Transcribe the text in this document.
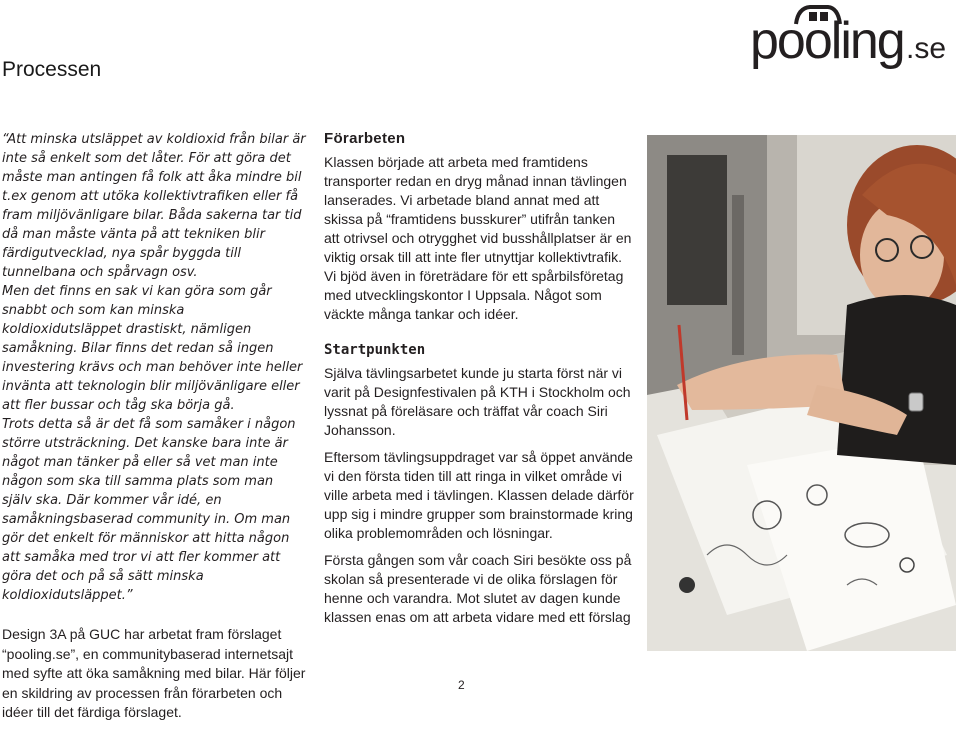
Processen	pooling .se

“Att minska utsläppet av koldioxid från bilar är inte så enkelt som det låter. För att göra det måste man antingen få folk att åka mindre bil t.ex genom att utöka kollektivtrafiken eller få fram miljövänligare bilar. Båda sakerna tar tid då man måste vänta på att tekniken blir färdigutvecklad, nya spår byggda till tunnelbana och spårvagn osv.

Men det finns en sak vi kan göra som går snabbt och som kan minska koldioxidutsläppet drastiskt, nämligen samåkning. Bilar finns det redan så ingen investering krävs och man behöver inte heller invänta att teknologin blir miljövänligare eller att fler bussar och tåg ska börja gå.

Trots detta så är det få som samåker i någon större utsträckning. Det kanske bara inte är något man tänker på eller så vet man inte någon som ska till samma plats som man själv ska. Där kommer vår idé, en samåkningsbaserad community in. Om man gör det enkelt för människor att hitta någon att samåka med tror vi att fler kommer att göra det och på så sätt minska koldioxidutsläppet.”

Design 3A på GUC har arbetat fram förslaget “pooling.se”, en communitybaserad internetsajt med syfte att öka samåkning med bilar. Här följer en skildring av processen från förarbeten och idéer till det färdiga förslaget.

Förarbeten

Klassen började att arbeta med framtidens transporter redan en dryg månad innan tävlingen lanserades. Vi arbetade bland annat med att skissa på “framtidens busskurer” utifrån tanken att otrivsel och otrygghet vid busshållplatser är en viktig orsak till att inte fler utnyttjar kollektivtrafik. Vi bjöd även in företrädare för ett spårbilsföretag med utvecklingskontor I Uppsala. Något som väckte många tankar och idéer.

Startpunkten

Själva tävlingsarbetet kunde ju starta först när vi varit på Designfestivalen på KTH i Stockholm och lyssnat på föreläsare och träffat vår coach Siri Johansson.

Eftersom tävlingsuppdraget var så öppet använde vi den första tiden till att ringa in vilket område vi ville arbeta med i tävlingen. Klassen delade därför upp sig i mindre grupper som brainstormade kring olika problemområden och lösningar.

Första gången som vår coach Siri besökte oss på skolan så presenterade vi de olika förslagen för henne och varandra. Mot slutet av dagen kunde klassen enas om att arbeta vidare med ett förslag

2
